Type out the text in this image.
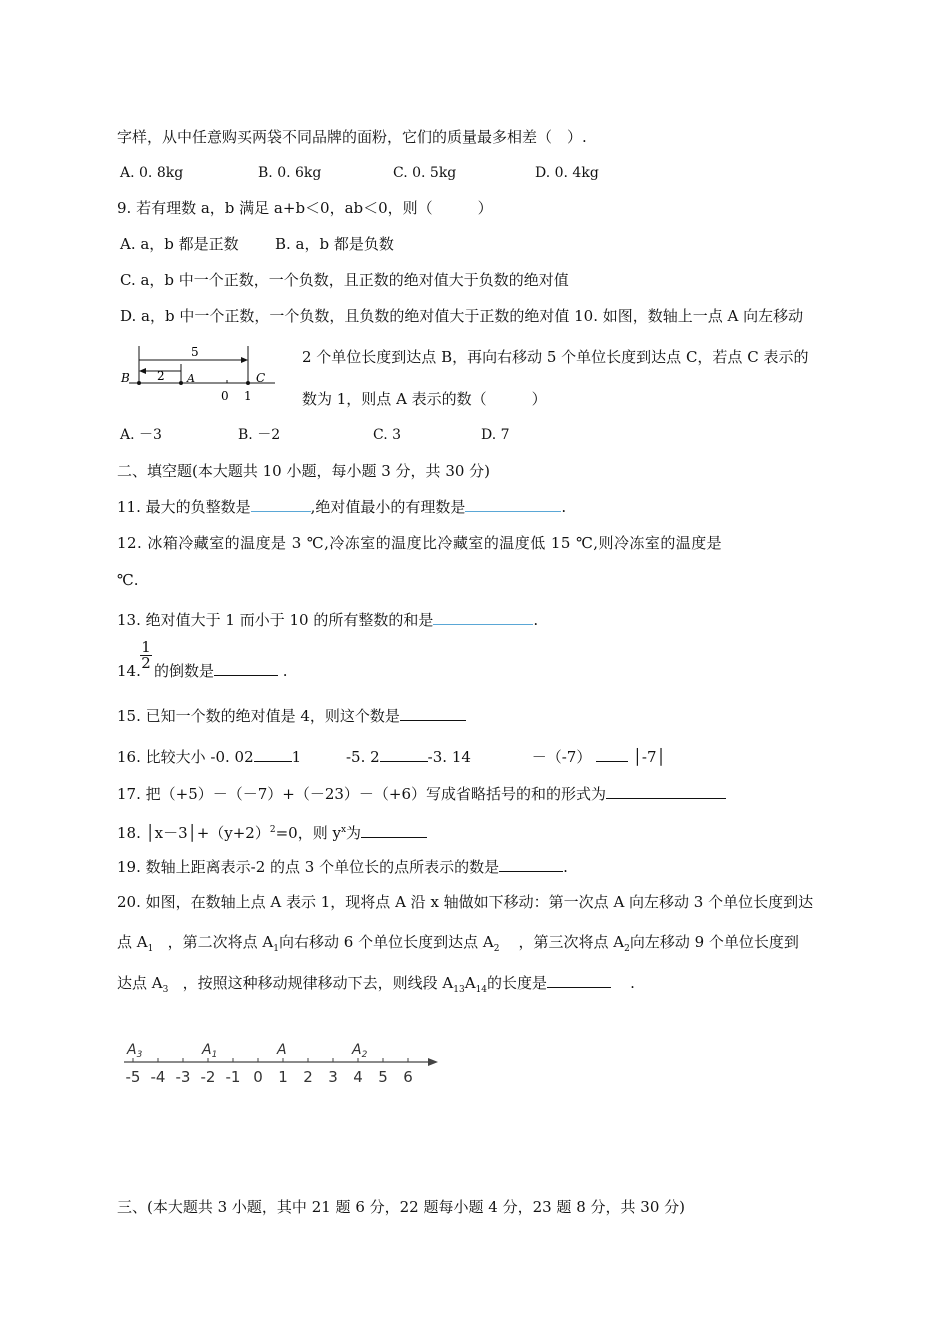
字样，从中任意购买两袋不同品牌的面粉，它们的质量最多相差（　）.
A. 0. 8kg	B. 0. 6kg	C. 0. 5kg	D. 0. 4kg
9. 若有理数 a，b 满足 a+b＜0，ab＜0，则（　　　）
A. a，b 都是正数 B. a，b 都是负数
C. a，b 中一个正数，一个负数，且正数的绝对值大于负数的绝对值
D. a，b 中一个正数，一个负数，且负数的绝对值大于正数的绝对值 10. 如图，数轴上一点 A 向左移动
5
2
B	A	C
0 1
2 个单位长度到达点 B，再向右移动 5 个单位长度到达点 C，若点 C 表示的
数为 1，则点 A 表示的数（　　　）
A. －3	B. －2	C. 3	D. 7
二、填空题(本大题共 10 小题，每小题 3 分，共 30 分)
11. 最大的负整数是	,绝对值最小的有理数是	.
12. 冰箱冷藏室的温度是 3 ℃,冷冻室的温度比冷藏室的温度低 15 ℃,则冷冻室的温度是
℃.
13. 绝对值大于 1 而小于 10 的所有整数的和是	.
14. $\frac{1}{2}$ 的倒数是	.
15. 已知一个数的绝对值是 4，则这个数是
16. 比较大小 -0. 02	1	-5. 2	-3. 14	－（-7）	│-7│
17. 把（+5）－（－7）+（－23）－（+6）写成省略括号的和的形式为
18. $│x-3│+(y+2)^2=0$，则 $y^x$为
19. 数轴上距离表示-2 的点 3 个单位长的点所表示的数是	.
20. 如图，在数轴上点 A 表示 1，现将点 A 沿 x 轴做如下移动：第一次点 A 向左移动 3 个单位长度到达
点 $A_1$ ，第二次将点 $A_1$向右移动 6 个单位长度到达点 $A_2$ ，第三次将点 $A_2$向左移动 9 个单位长度到
达点 $A_3$ ，按照这种移动规律移动下去，则线段 $A_{13}A_{14}$的长度是	.
-5 -4 -3 -2 -1 0 1 2 3 4 5 6
$A_3$	$A_1$	A	$A_2$
三、(本大题共 3 小题，其中 21 题 6 分，22 题每小题 4 分，23 题 8 分，共 30 分)
